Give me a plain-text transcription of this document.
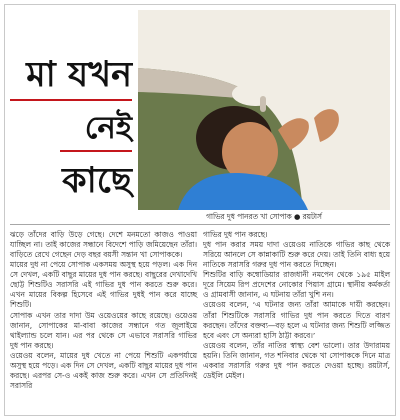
মা যখন
নেই
কাছে
গাভির দুধ পানরত খা সোপাক ● রয়টার্স

ঝড়ে তাঁদের বাড়ি উড়ে গেছে। দেশে মনমতো কাজও পাওয়া যাচ্ছিল না। তাই কাজের সন্ধানে বিদেশে পাড়ি জমিয়েছেন তাঁরা। বাড়িতে রেখে গেছেন দেড় বছর বয়সী সন্তান খা সোপাককে।

মায়ের দুধ না পেয়ে সোপাক একসময় অসুস্থ হয়ে পড়ল। এক দিন সে দেখল, একটি বাছুর মায়ের দুধ পান করছে। বাছুরের দেখাদেখি ছোট্ট শিশুটিও সরাসরি এই গাভির দুধ পান করতে শুরু করে। এখন মায়ের বিকল্প হিসেবে এই গাভির দুধই পান করে যাচ্ছে শিশুটি।

সোপাক এখন তার দাদা উম ওয়েওয়ের কাছে রয়েছে। ওয়েওয় জানান, সোপাকের মা-বাবা কাজের সন্ধানে গত জুলাইয়ে থাইল্যান্ড চলে যান। এর পর থেকে সে এভাবে সরাসরি গাভির দুধ পান করছে।

ওয়েওয় বলেন, মায়ের দুধ খেতে না পেয়ে শিশুটি একপর্যায়ে অসুস্থ হয়ে পড়ে। এক দিন সে দেখল, একটি বাছুর মায়ের দুধ পান করছে। এরপর সে-ও একই কাজ শুরু করে। এখন সে প্রতিদিনই সরাসরি

গাভির দুধ পান করছে।

দুধ পান করার সময় দাদা ওয়েওয় নাতিকে গাভির কাছ থেকে সরিয়ে আনলে সে কান্নাকাটি শুরু করে দেয়। তাই তিনি বাধ্য হয়ে নাতিকে সরাসরি গরুর দুধ পান করতে দিচ্ছেন।

শিশুটির বাড়ি কম্বোডিয়ার রাজধানী নমপেন থেকে ১৯৫ মাইল দূরে সিয়েম রিপ প্রদেশের নোকোর পিয়াস গ্রামে। স্থানীয় কর্মকর্তা ও গ্রামবাসী জানান, এ ঘটনায় তাঁরা খুশি নন।

ওয়েওয় বলেন, ‘এ ঘটনার জন্য তাঁরা আমাকে দায়ী করছেন। তাঁরা শিশুটিকে সরাসরি গাভির দুধ পান করতে দিতে বারণ করছেন। তাঁদের বক্তব্য—বড় হলে এ ঘটনার জন্য শিশুটি লজ্জিত হবে এবং সে অন্যরা হাসি ঠাট্টা করবে।’

ওয়েওয় বলেন, তাঁর নাতির স্বাস্থ্য বেশ ভালো। তার উদারাময় হয়নি। তিনি জানান, গত শনিবার থেকে খা সোপাককে দিনে মাত্র একবার সরাসরি গরুর দুধ পান করতে দেওয়া হচ্ছে। রয়টার্স, ডেইলি মেইল।
